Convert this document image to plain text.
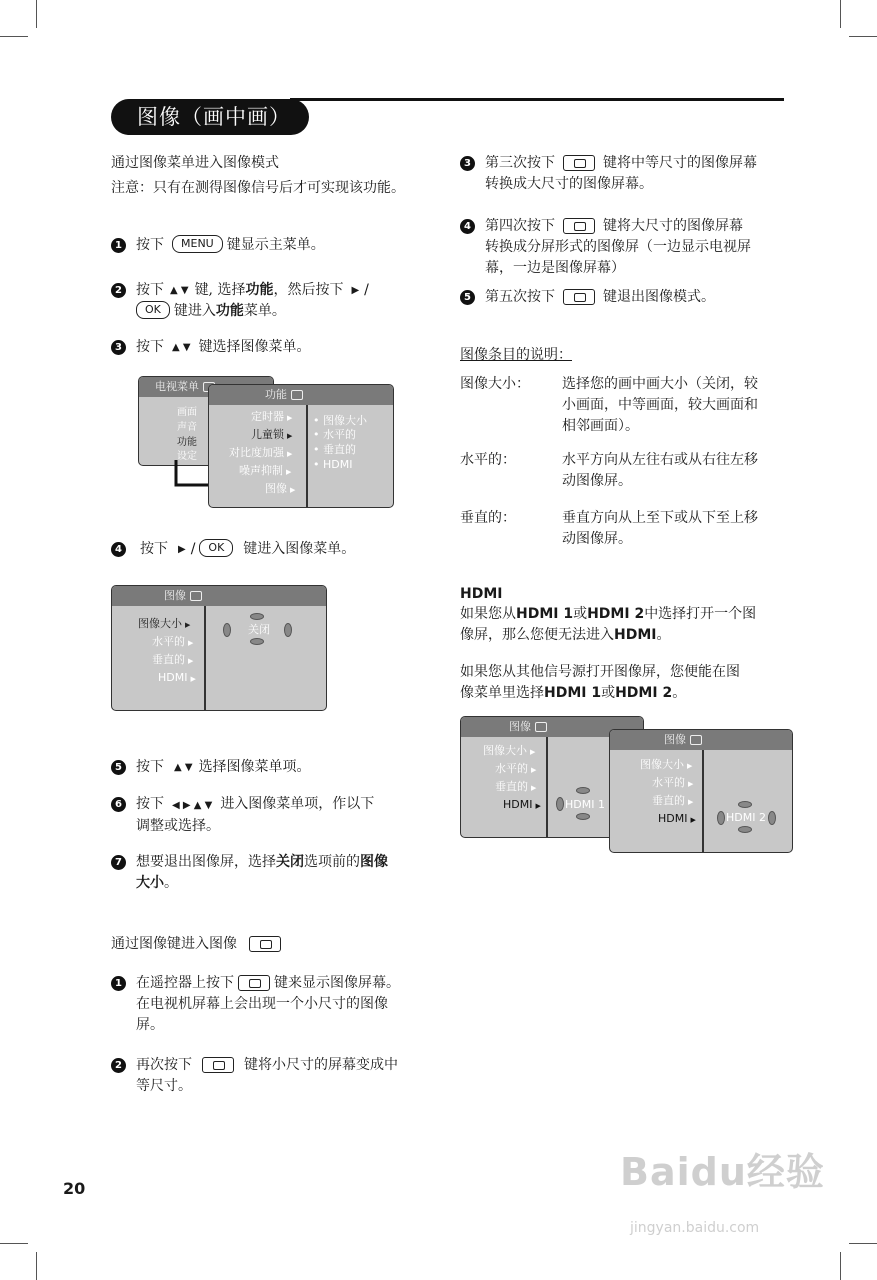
图像（画中画）
通过图像菜单进入图像模式
注意：只有在测得图像信号后才可实现该功能。
1 按下	MENU 键显示主菜单。
2 按下 ▲ ▼ 键, 选择 功能 ，然后按下 ▶ /
OK 键进入 功能 菜单。
3 按下 ▲ ▼ 键选择图像菜单。
电视菜单
画面
声音
功能
设定
功能
定时器 ▶
儿童锁 ▶
对比度加强 ▶
噪声抑制 ▶
图像 ▶
• 图像大小
• 水平的
• 垂直的
• HDMI
4 按下 ▶ /	OK	键进入图像菜单。
图像
图像大小 ▶
水平的 ▶
垂直的 ▶
HDMI ▶
关闭
5 按下 ▲ ▼ 选择图像菜单项。
6 按下 ◀ ▶ ▲ ▼ 进入图像菜单项，作以下
调整或选择。
7 想要退出图像屏，选择关闭选项前的图像
大小。
通过图像键进入图像
1 在遥控器上按下	键来显示图像屏幕。
在电视机屏幕上会出现一个小尺寸的图像
屏。
2 再次按下	键将小尺寸的屏幕变成中
等尺寸。
3 第三次按下	键将中等尺寸的图像屏幕
转换成大尺寸的图像屏幕。
4 第四次按下	键将大尺寸的图像屏幕
转换成分屏形式的图像屏（一边显示电视屏
幕，一边是图像屏幕）
5 第五次按下	键退出图像模式。
图像条目的说明：
图像大小： 选择您的画中画大小（关闭，较
小画面，中等画面，较大画面和
相邻画面）。
水平的：	水平方向从左往右或从右往左移
动图像屏。
垂直的：	垂直方向从上至下或从下至上移
动图像屏。
HDMI
如果您从HDMI 1或HDMI 2中选择打开一个图
像屏，那么您便无法进入HDMI。
如果您从其他信号源打开图像屏，您便能在图
像菜单里选择HDMI 1或HDMI 2。
图像
图像大小 ▶
水平的 ▶
垂直的 ▶
HDMI ▶ HDMI 1
图像
图像大小 ▶
水平的 ▶
垂直的 ▶
HDMI ▶	HDMI 2
20	Baidu经验
jingyan.baidu.com
